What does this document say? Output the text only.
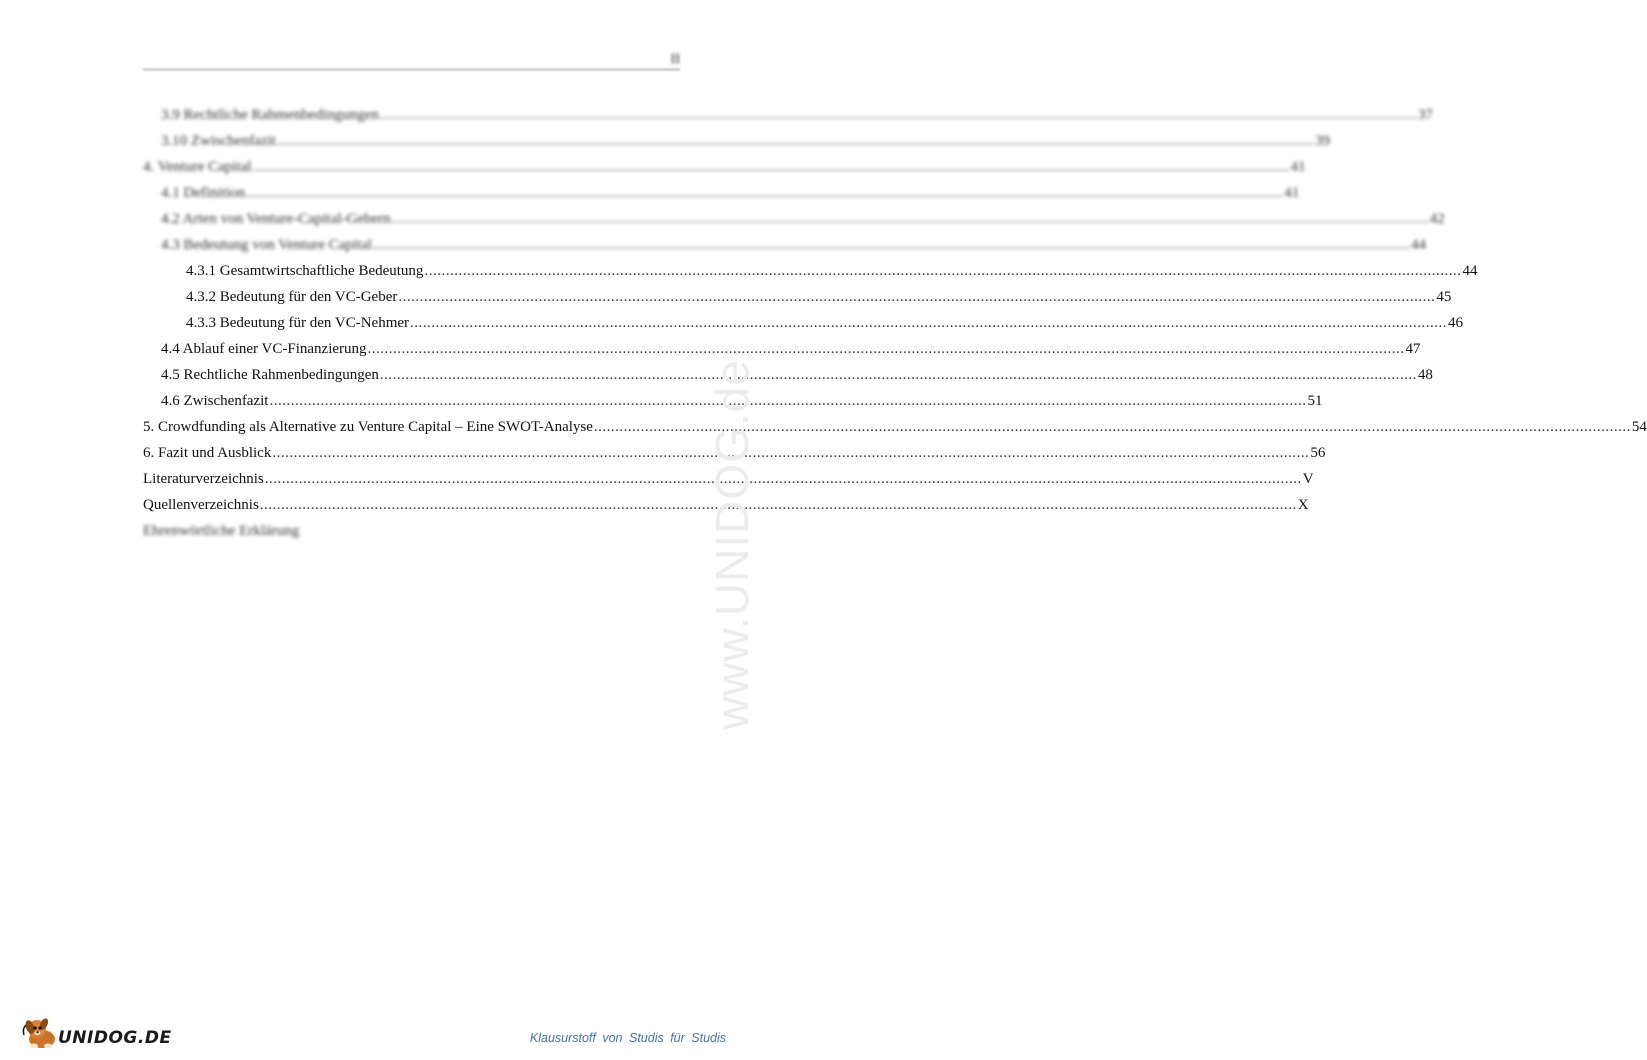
II
3.9 Rechtliche Rahmenbedingungen .....	37
3.10 Zwischenfazit .....	39
4. Venture Capital .....	41
4.1 Definition .....	41
4.2 Arten von Venture-Capital-Gebern .....	42
4.3 Bedeutung von Venture Capital .....	44
4.3.1 Gesamtwirtschaftliche Bedeutung .....	44
4.3.2 Bedeutung für den VC-Geber .....	45
4.3.3 Bedeutung für den VC-Nehmer .....	46
4.4 Ablauf einer VC-Finanzierung .....	47
4.5 Rechtliche Rahmenbedingungen .....	48
4.6 Zwischenfazit .....	51
5. Crowdfunding als Alternative zu Venture Capital – Eine SWOT-Analyse .....	54
6. Fazit und Ausblick .....	56
Literaturverzeichnis .....	V
Quellenverzeichnis .....	X
Ehrenwörtliche Erklärung	www.UNIDOG.de
UNIDOG.DE	Klausurstoff von Studis für Studis
